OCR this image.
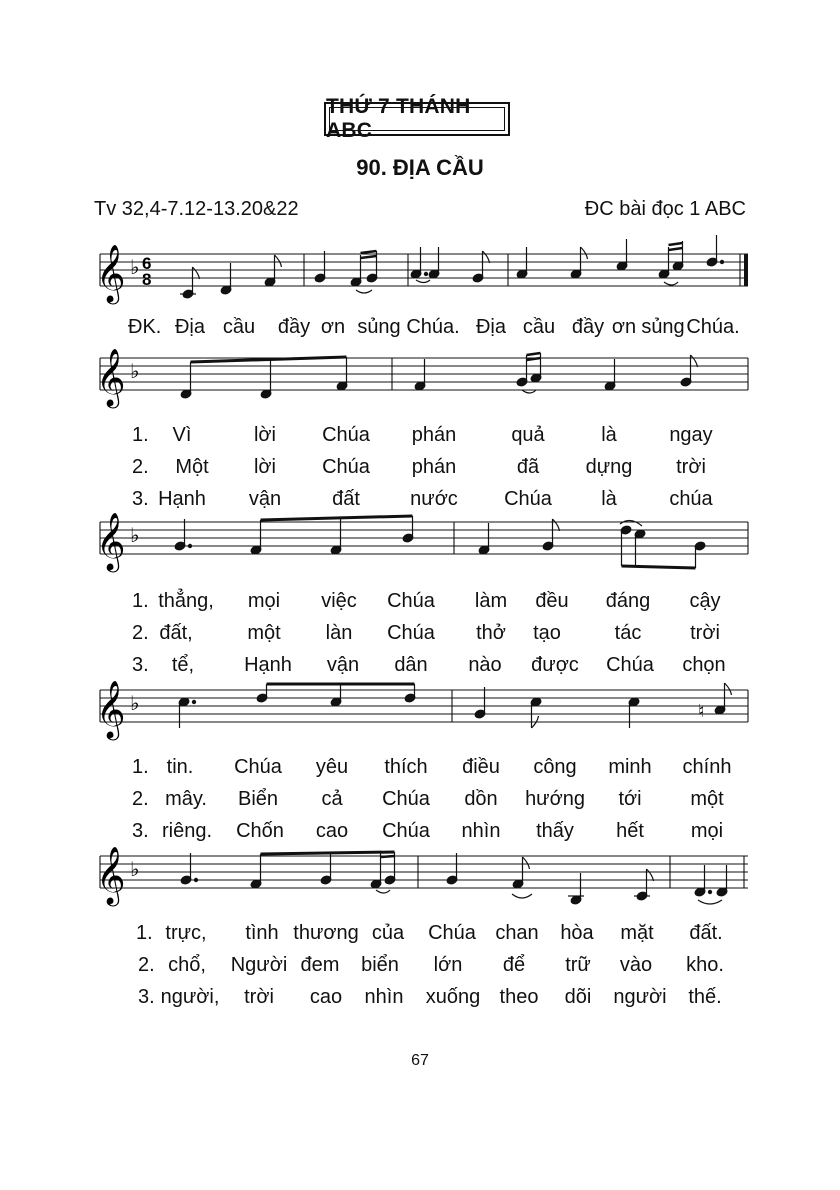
THỨ 7 THÁNH ABC
90. ĐỊA CẦU
Tv 32,4-7.12-13.20&22	ĐC bài đọc 1 ABC
𝄞 ♭ 6
8
ĐK. Địa cầu đầy ơn sủng Chúa. Địa cầu đầy ơn sủng Chúa.
𝄞 ♭
1. Vì	lời Chúa phán	quả	là	ngay
2. Một lời Chúa phán	đã dựng trời
3. Hạnh vận	đất	nước Chúa là	chúa
𝄞 ♭
1. thẳng, mọi việc Chúa làm đều đáng cậy
2. đất,	một làn Chúa thở tạo	tác trời
3. tể, Hạnh vận dân nào được Chúa chọn
𝄞 ♭	♮
1. tin. Chúa yêu thích điều công minh chính
2. mây. Biển cả Chúa dồn hướng tới một
3. riêng. Chốn cao Chúa nhìn thấy hết mọi
𝄞 ♭
1. trực, tình thương của Chúa chan hòa mặt đất.
2. chổ, Người đem biển lớn để trữ vào kho.
3. người, trời cao nhìn xuống theo dõi người thế.
67
